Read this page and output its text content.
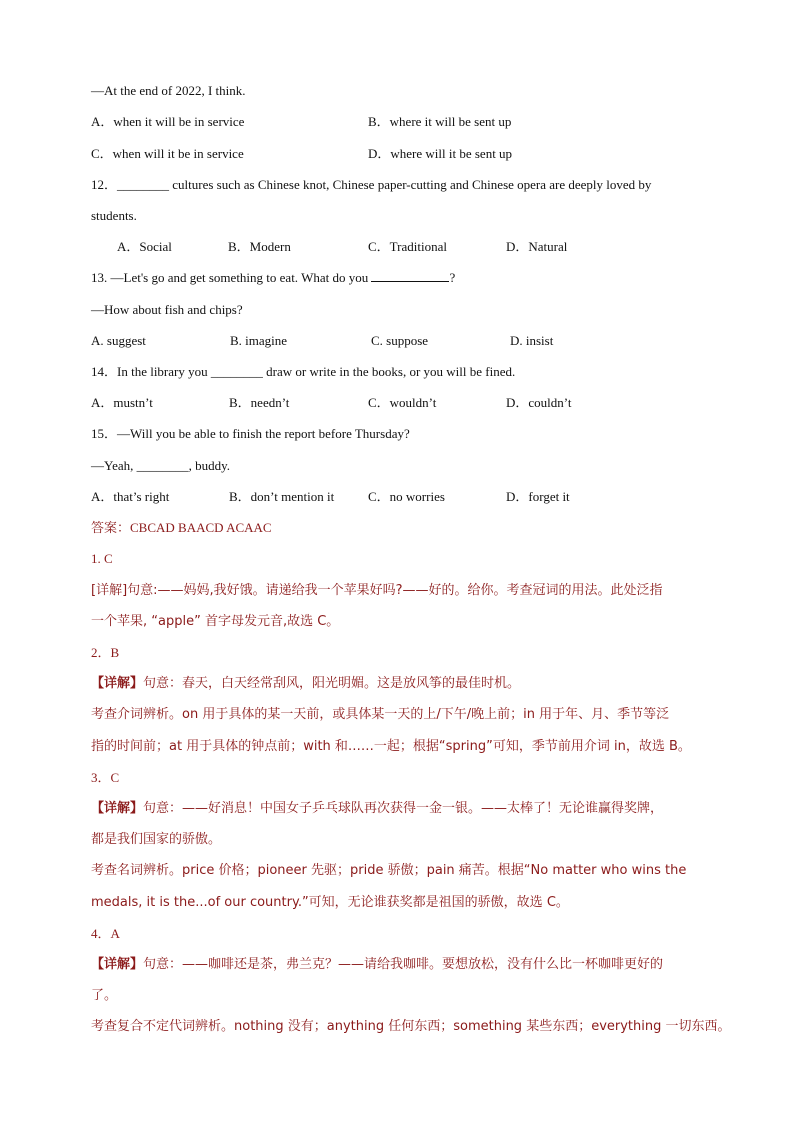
—At the end of 2022, I think.
A．when it will be in service	B．where it will be sent up
C．when will it be in service	D．where will it be sent up
12．________ cultures such as Chinese knot, Chinese paper-cutting and Chinese opera are deeply loved by
students.
A．Social	B．Modern	C．Traditional	D．Natural
13. —Let's go and get something to eat. What do you	?
—How about fish and chips?
A. suggest	B. imagine	C. suppose	D. insist
14．In the library you ________ draw or write in the books, or you will be fined.
A．mustn’t	B．needn’t	C．wouldn’t	D．couldn’t
15．—Will you be able to finish the report before Thursday?
—Yeah, ________, buddy.
A．that’s right	B．don’t mention it	C．no worries	D．forget it
答案：CBCAD BAACD ACAAC
1. C
[详解]句意:——妈妈,我好饿。请递给我一个苹果好吗?——好的。给你。考查冠词的用法。此处泛指
一个苹果, “apple” 首字母发元音,故选 C。
2．B
【详解】句意：春天，白天经常刮风，阳光明媚。这是放风筝的最佳时机。
考查介词辨析。on 用于具体的某一天前，或具体某一天的上/下午/晚上前；in 用于年、月、季节等泛
指的时间前；at 用于具体的钟点前；with 和……一起；根据“spring”可知，季节前用介词 in，故选 B。
3．C
【详解】句意：——好消息！中国女子乒乓球队再次获得一金一银。——太棒了！无论谁赢得奖牌，
都是我们国家的骄傲。
考查名词辨析。price 价格；pioneer 先驱；pride 骄傲；pain 痛苦。根据“No matter who wins the
medals, it is the...of our country.”可知，无论谁获奖都是祖国的骄傲，故选 C。
4．A
【详解】句意：——咖啡还是茶，弗兰克？——请给我咖啡。要想放松，没有什么比一杯咖啡更好的
了。
考查复合不定代词辨析。nothing 没有；anything 任何东西；something 某些东西；everything 一切东西。
